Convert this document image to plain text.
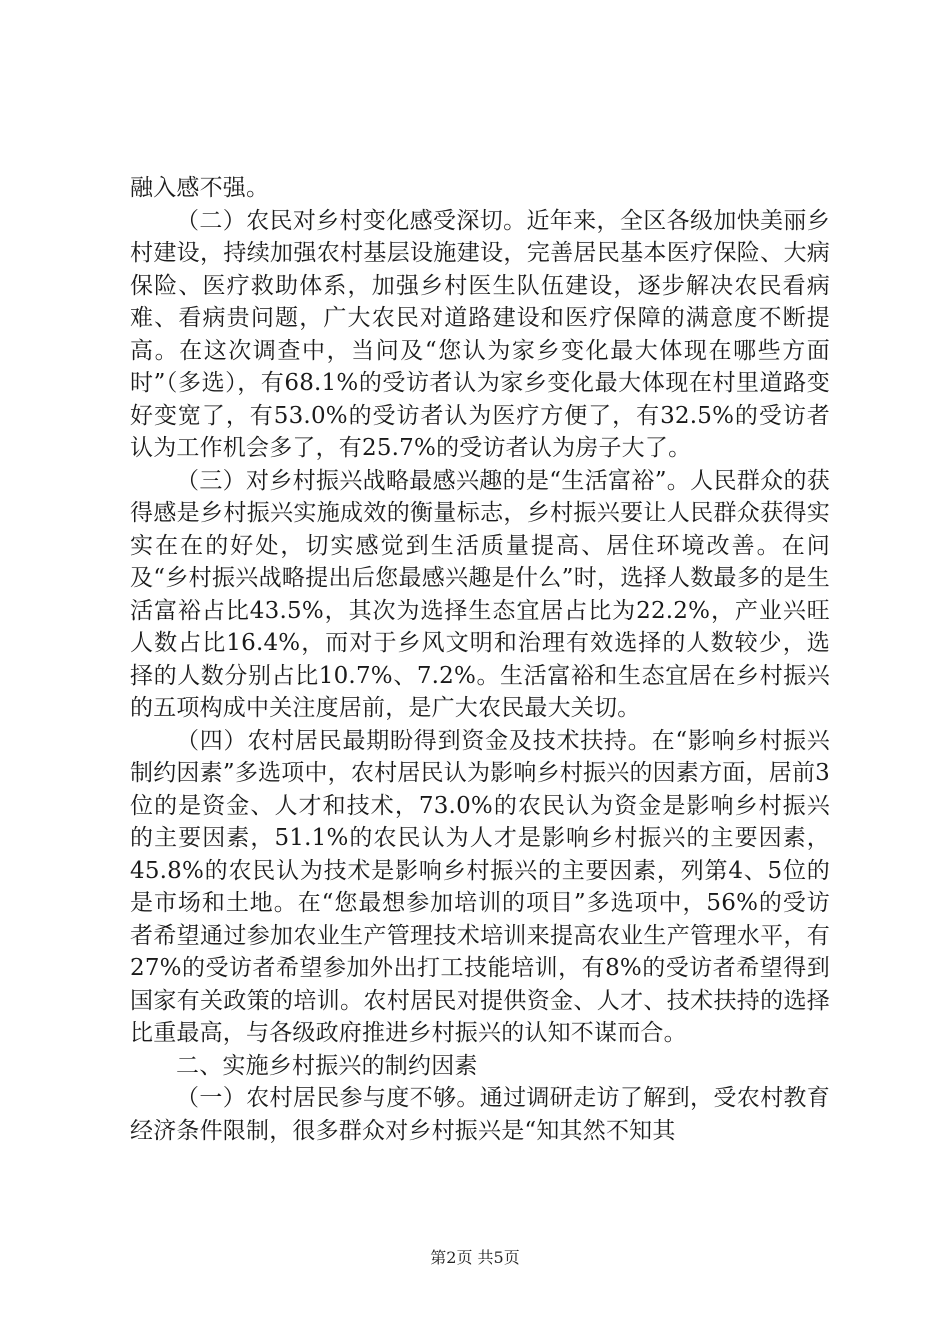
融入感不强。

（二）农民对乡村变化感受深切。近年来，全区各级加快美丽乡村建设，持续加强农村基层设施建设，完善居民基本医疗保险、大病保险、医疗救助体系，加强乡村医生队伍建设，逐步解决农民看病难、看病贵问题，广大农民对道路建设和医疗保障的满意度不断提高。在这次调查中，当问及“您认为家乡变化最大体现在哪些方面时”（多选），有68.1%的受访者认为家乡变化最大体现在村里道路变好变宽了，有53.0%的受访者认为医疗方便了，有32.5%的受访者认为工作机会多了，有25.7%的受访者认为房子大了。

（三）对乡村振兴战略最感兴趣的是“生活富裕”。人民群众的获得感是乡村振兴实施成效的衡量标志，乡村振兴要让人民群众获得实实在在的好处，切实感觉到生活质量提高、居住环境改善。在问及“乡村振兴战略提出后您最感兴趣是什么”时，选择人数最多的是生活富裕占比43.5%，其次为选择生态宜居占比为22.2%，产业兴旺人数占比16.4%，而对于乡风文明和治理有效选择的人数较少，选择的人数分别占比10.7%、7.2%。生活富裕和生态宜居在乡村振兴的五项构成中关注度居前，是广大农民最大关切。

（四）农村居民最期盼得到资金及技术扶持。在“影响乡村振兴制约因素”多选项中，农村居民认为影响乡村振兴的因素方面，居前3位的是资金、人才和技术，73.0%的农民认为资金是影响乡村振兴的主要因素，51.1%的农民认为人才是影响乡村振兴的主要因素，45.8%的农民认为技术是影响乡村振兴的主要因素，列第4、5位的是市场和土地。在“您最想参加培训的项目”多选项中，56%的受访者希望通过参加农业生产管理技术培训来提高农业生产管理水平，有27%的受访者希望参加外出打工技能培训，有8%的受访者希望得到国家有关政策的培训。农村居民对提供资金、人才、技术扶持的选择比重最高，与各级政府推进乡村振兴的认知不谋而合。

二、实施乡村振兴的制约因素

（一）农村居民参与度不够。通过调研走访了解到，受农村教育经济条件限制，很多群众对乡村振兴是“知其然不知其

第2页 共5页
